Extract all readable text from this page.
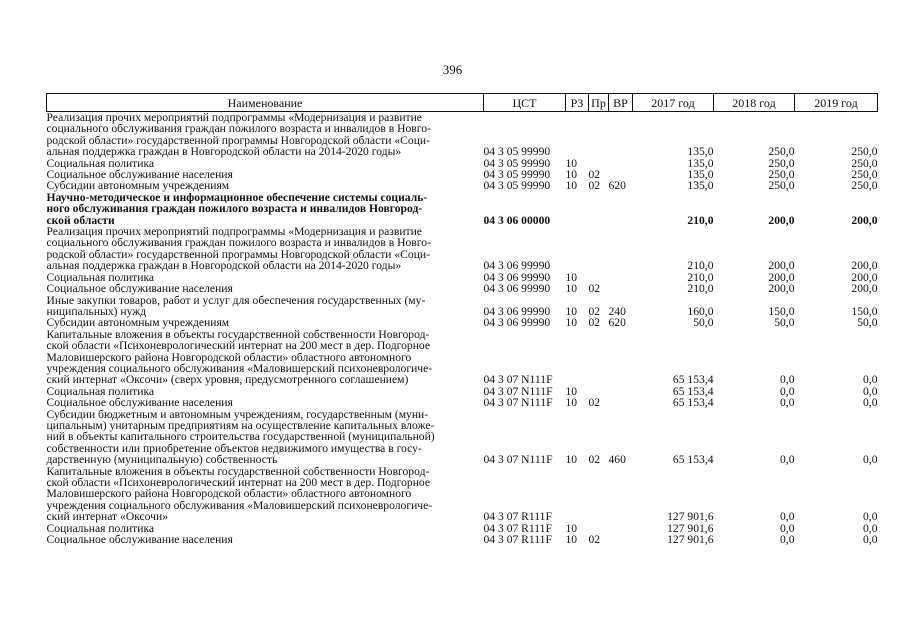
396
Наименование	ЦСТ	РЗ	Пр	ВР	2017 год	2018 год	2019 год

Реализация прочих мероприятий подпрограммы «Модернизация и развитие
социального обслуживания граждан пожилого возраста и инвалидов в Новго-
родской области» государственной программы Новгородской области «Соци-
альная поддержка граждан в Новгородской области на 2014-2020 годы»	04 3 05 99990				135,0	250,0	250,0

Социальная политика	04 3 05 99990	10			135,0	250,0	250,0

Социальное обслуживание населения	04 3 05 99990	10	02		135,0	250,0	250,0

Субсидии автономным учреждениям	04 3 05 99990	10	02	620	135,0	250,0	250,0

Научно-методическое и информационное обеспечение системы социаль-
ного обслуживания граждан пожилого возраста и инвалидов Новгород-
ской области	04 3 06 00000				210,0	200,0	200,0

Реализация прочих мероприятий подпрограммы «Модернизация и развитие
социального обслуживания граждан пожилого возраста и инвалидов в Новго-
родской области» государственной программы Новгородской области «Соци-
альная поддержка граждан в Новгородской области на 2014-2020 годы»	04 3 06 99990				210,0	200,0	200,0

Социальная политика	04 3 06 99990	10			210,0	200,0	200,0

Социальное обслуживание населения	04 3 06 99990	10	02		210,0	200,0	200,0

Иные закупки товаров, работ и услуг для обеспечения государственных (му-
ниципальных) нужд	04 3 06 99990	10	02	240	160,0	150,0	150,0

Субсидии автономным учреждениям	04 3 06 99990	10	02	620	50,0	50,0	50,0

Капитальные вложения в объекты государственной собственности Новгород-
ской области «Психоневрологический интернат на 200 мест в дер. Подгорное
Маловишерского района Новгородской области» областного автономного
учреждения социального обслуживания «Маловишерский психоневрологиче-
ский интернат «Оксочи» (сверх уровня, предусмотренного соглашением)	04 3 07 N111F				65 153,4	0,0	0,0

Социальная политика	04 3 07 N111F	10			65 153,4	0,0	0,0

Социальное обслуживание населения	04 3 07 N111F	10	02		65 153,4	0,0	0,0

Субсидии бюджетным и автономным учреждениям, государственным (муни-
ципальным) унитарным предприятиям на осуществление капитальных вложе-
ний в объекты капитального строительства государственной (муниципальной)
собственности или приобретение объектов недвижимого имущества в госу-
дарственную (муниципальную) собственность	04 3 07 N111F	10	02	460	65 153,4	0,0	0,0

Капитальные вложения в объекты государственной собственности Новгород-
ской области «Психоневрологический интернат на 200 мест в дер. Подгорное
Маловишерского района Новгородской области» областного автономного
учреждения социального обслуживания «Маловишерский психоневрологиче-
ский интернат «Оксочи»	04 3 07 R111F				127 901,6	0,0	0,0

Социальная политика	04 3 07 R111F	10			127 901,6	0,0	0,0

Социальное обслуживание населения	04 3 07 R111F	10	02		127 901,6	0,0	0,0
